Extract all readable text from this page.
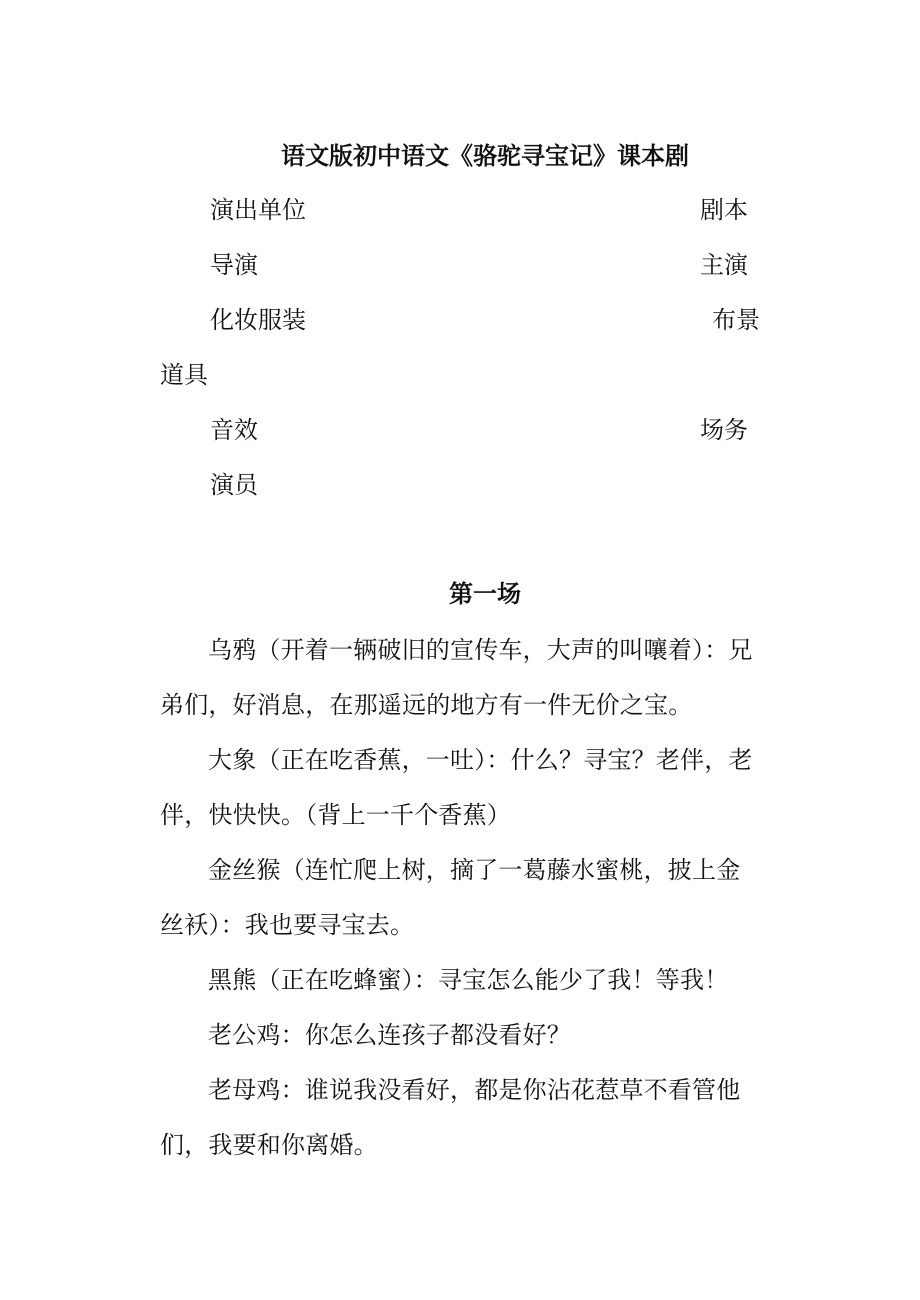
语文版初中语文《骆驼寻宝记》课本剧
演出单位	剧本
导演	主演
化妆服装	布景
道具
音效	场务
演员
第一场
乌鸦（开着一辆破旧的宣传车，大声的叫嚷着）：兄弟们，好消息，在那遥远的地方有一件无价之宝。
大象（正在吃香蕉，一吐）：什么？寻宝？老伴，老伴，快快快。（背上一千个香蕉）
金丝猴（连忙爬上树，摘了一葛藤水蜜桃，披上金丝袄）：我也要寻宝去。
黑熊（正在吃蜂蜜）：寻宝怎么能少了我！等我！
老公鸡：你怎么连孩子都没看好？
老母鸡：谁说我没看好，都是你沾花惹草不看管他们，我要和你离婚。
